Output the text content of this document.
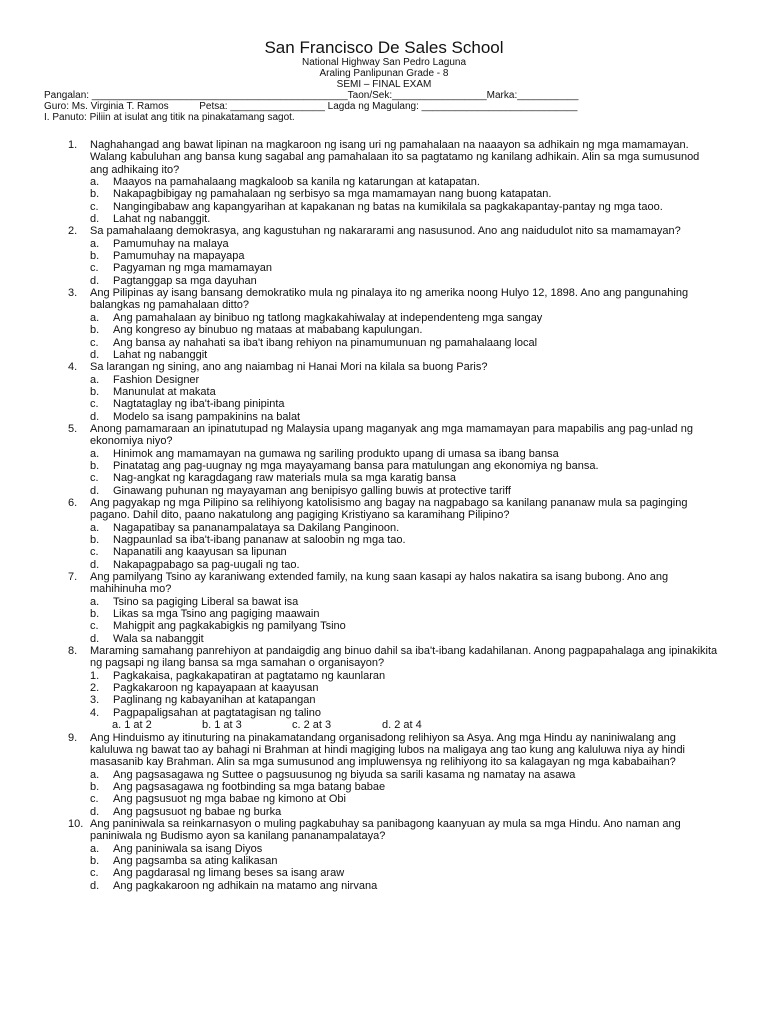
San Francisco De Sales School
National Highway San Pedro Laguna
Araling Panlipunan Grade - 8
SEMI – FINAL EXAM
Pangalan: ______________________________________________Taon/Sek:_________________Marka:___________
Guro: Ms. Virginia T. Ramos           Petsa: _________________ Lagda ng Magulang: ____________________________
I. Panuto: Piliin at isulat ang titik na pinakatamang sagot.
1. Naghahangad ang bawat lipinan na magkaroon ng isang uri ng pamahalaan na naaayon sa adhikain ng mga mamamayan. Walang kabuluhan ang bansa kung sagabal ang pamahalaan ito sa pagtatamo ng kanilang adhikain. Alin sa mga sumusunod ang adhikaing ito?
a. Maayos na pamahalaang magkaloob sa kanila ng katarungan at katapatan.
b. Nakapagbibigay ng pamahalaan ng serbisyo sa mga mamamayan nang buong katapatan.
c. Nangingibabaw ang kapangyarihan at kapakanan ng batas na kumikilala sa pagkakapantay-pantay ng mga taoo.
d. Lahat ng nabanggit.
2. Sa pamahalaang demokrasya, ang kagustuhan ng nakararami ang nasusunod. Ano ang naidudulot nito sa mamamayan?
a. Pamumuhay na malaya
b. Pamumuhay na mapayapa
c. Pagyaman ng mga mamamayan
d. Pagtanggap sa mga dayuhan
3. Ang Pilipinas ay isang bansang demokratiko mula ng pinalaya ito ng amerika noong Hulyo 12, 1898. Ano ang pangunahing balangkas ng pamahalaan ditto?
a. Ang pamahalaan ay binibuo ng tatlong magkakahiwalay at independenteng mga sangay
b. Ang kongreso ay binubuo ng mataas at mababang kapulungan.
c. Ang bansa ay nahahati sa iba't ibang rehiyon na pinamumunuan ng pamahalaang local
d. Lahat ng nabanggit
4. Sa larangan ng sining, ano ang naiambag ni Hanai Mori na kilala sa buong Paris?
a. Fashion Designer
b. Manunulat at makata
c. Nagtataglay ng iba't-ibang pinipinta
d. Modelo sa isang pampakinins na balat
5. Anong pamamaraan an ipinatutupad ng Malaysia upang maganyak ang mga mamamayan para mapabilis ang pag-unlad ng ekonomiya niyo?
a. Hinimok ang mamamayan na gumawa ng sariling produkto upang di umasa sa ibang bansa
b. Pinatatag ang pag-uugnay ng mga mayayamang bansa para matulungan ang ekonomiya ng bansa.
c. Nag-angkat ng karagdagang raw materials mula sa mga karatig bansa
d. Ginawang puhunan ng mayayaman ang benipisyo galling buwis at protective tariff
6. Ang pagyakap ng mga Pilipino sa relihiyong katolisismo ang bagay na nagpabago sa kanilang pananaw mula sa paginging pagano. Dahil dito, paano nakatulong ang pagiging Kristiyano sa karamihang Pilipino?
a. Nagapatibay sa pananampalataya sa Dakilang Panginoon.
b. Nagpaunlad sa iba't-ibang pananaw at saloobin ng mga tao.
c. Napanatili ang kaayusan sa lipunan
d. Nakapagpabago sa pag-uugali ng tao.
7. Ang pamilyang Tsino ay karaniwang extended family, na kung saan kasapi ay halos nakatira sa isang bubong. Ano ang mahihinuha mo?
a. Tsino sa pagiging Liberal sa bawat isa
b. Likas sa mga Tsino ang pagiging maawain
c. Mahigpit ang pagkakabigkis ng pamilyang Tsino
d. Wala sa nabanggit
8. Maraming samahang panrehiyon at pandaigdig ang binuo dahil sa iba't-ibang kadahilanan. Anong pagpapahalaga ang ipinakikita ng pagsapi ng ilang bansa sa mga samahan o organisayon?
1. Pagkakaisa, pagkakapatiran at pagtatamo ng kaunlaran
2. Pagkakaroon ng kapayapaan at kaayusan
3. Paglinang ng kabayanihan at katapangan
4. Pagpapaligsahan at pagtatagisan ng talino
a. 1 at 2	b. 1 at 3	c. 2 at 3	d. 2 at 4
9. Ang Hinduismo ay itinuturing na pinakamatandang organisadong relihiyon sa Asya. Ang mga Hindu ay naniniwalang ang kaluluwa ng bawat tao ay bahagi ni Brahman at hindi magiging lubos na maligaya ang tao kung ang kaluluwa niya ay hindi masasanib kay Brahman. Alin sa mga sumusunod ang impluwensya ng relihiyong ito sa kalagayan ng mga kababaihan?
a. Ang pagsasagawa ng Suttee o pagsuusunog ng biyuda sa sarili kasama ng namatay na asawa
b. Ang pagsasagawa ng footbinding sa mga batang babae
c. Ang pagsusuot ng mga babae ng kimono at Obi
d. Ang pagsusuot ng babae ng burka
10. Ang paniniwala sa reinkarnasyon o muling pagkabuhay sa panibagong kaanyuan ay mula sa mga Hindu. Ano naman ang paniniwala ng Budismo ayon sa kanilang pananampalataya?
a. Ang paniniwala sa isang Diyos
b. Ang pagsamba sa ating kalikasan
c. Ang pagdarasal ng limang beses sa isang araw
d. Ang pagkakaroon ng adhikain na matamo ang nirvana
